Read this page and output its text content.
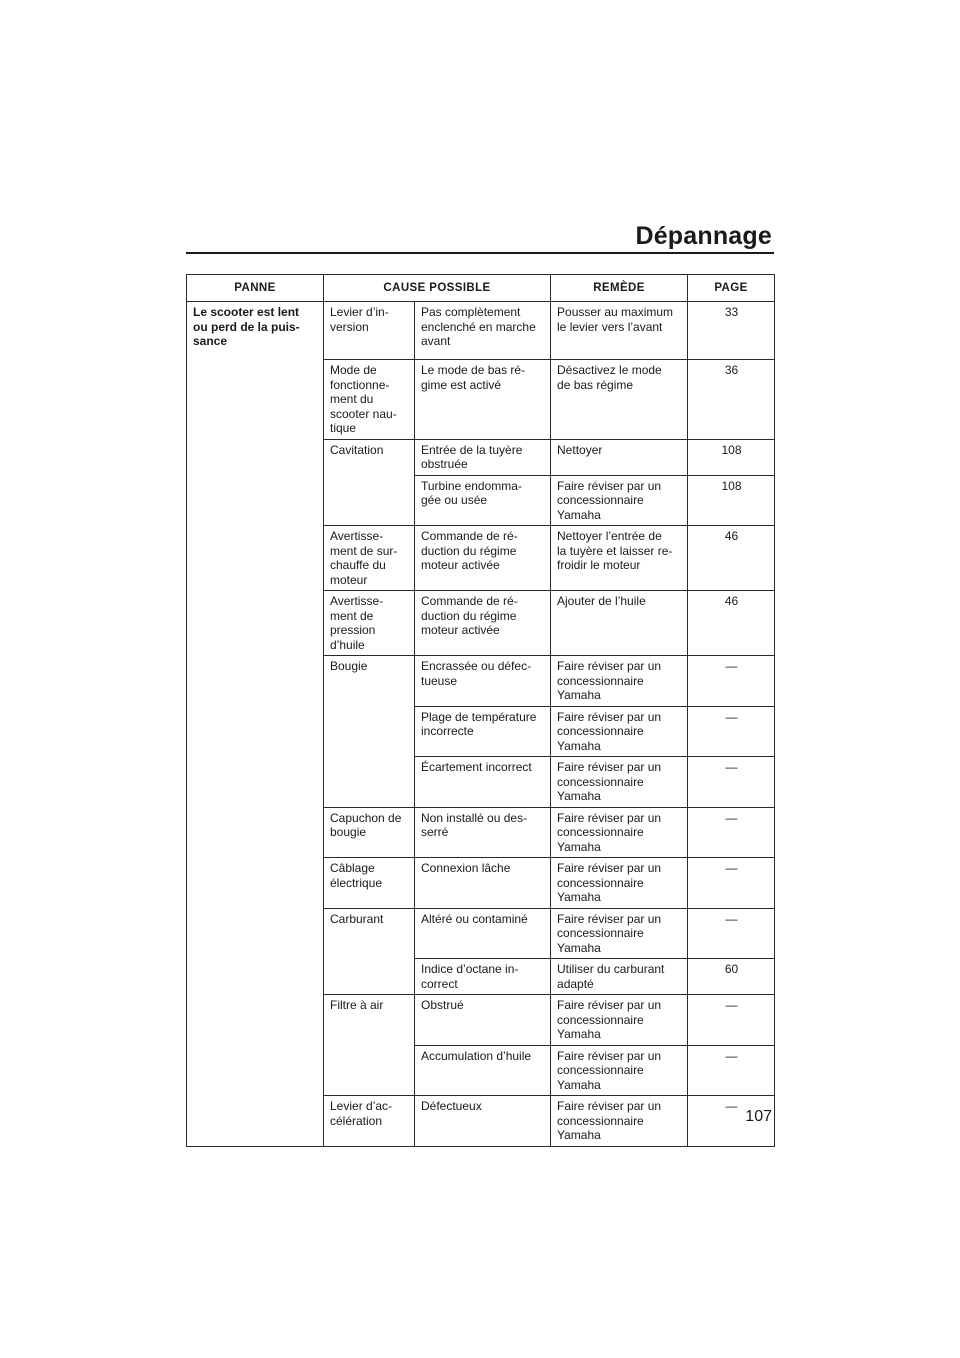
Dépannage
PANNE	CAUSE POSSIBLE		REMÈDE	PAGE
Le scooter est lent
ou perd de la puis-
sance	Levier d’in-
version	Pas complètement
enclenché en marche
avant	Pousser au maximum
le levier vers l’avant	33
	Mode de
fonctionne-
ment du
scooter nau-
tique	Le mode de bas ré-
gime est activé	Désactivez le mode
de bas régime	36
	Cavitation	Entrée de la tuyère
obstruée	Nettoyer	108
		Turbine endomma-
gée ou usée	Faire réviser par un
concessionnaire
Yamaha	108
	Avertisse-
ment de sur-
chauffe du
moteur	Commande de ré-
duction du régime
moteur activée	Nettoyer l’entrée de
la tuyère et laisser re-
froidir le moteur	46
	Avertisse-
ment de
pression
d’huile	Commande de ré-
duction du régime
moteur activée	Ajouter de l’huile	46
	Bougie	Encrassée ou défec-
tueuse	Faire réviser par un
concessionnaire
Yamaha	—
		Plage de température
incorrecte	Faire réviser par un
concessionnaire
Yamaha	—
		Écartement incorrect	Faire réviser par un
concessionnaire
Yamaha	—
	Capuchon de
bougie	Non installé ou des-
serré	Faire réviser par un
concessionnaire
Yamaha	—
	Câblage
électrique	Connexion lâche	Faire réviser par un
concessionnaire
Yamaha	—
	Carburant	Altéré ou contaminé	Faire réviser par un
concessionnaire
Yamaha	—
		Indice d’octane in-
correct	Utiliser du carburant
adapté	60
	Filtre à air	Obstrué	Faire réviser par un
concessionnaire
Yamaha	—
		Accumulation d’huile	Faire réviser par un
concessionnaire
Yamaha	—
	Levier d’ac-
célération	Défectueux	Faire réviser par un
concessionnaire
Yamaha	—
107
